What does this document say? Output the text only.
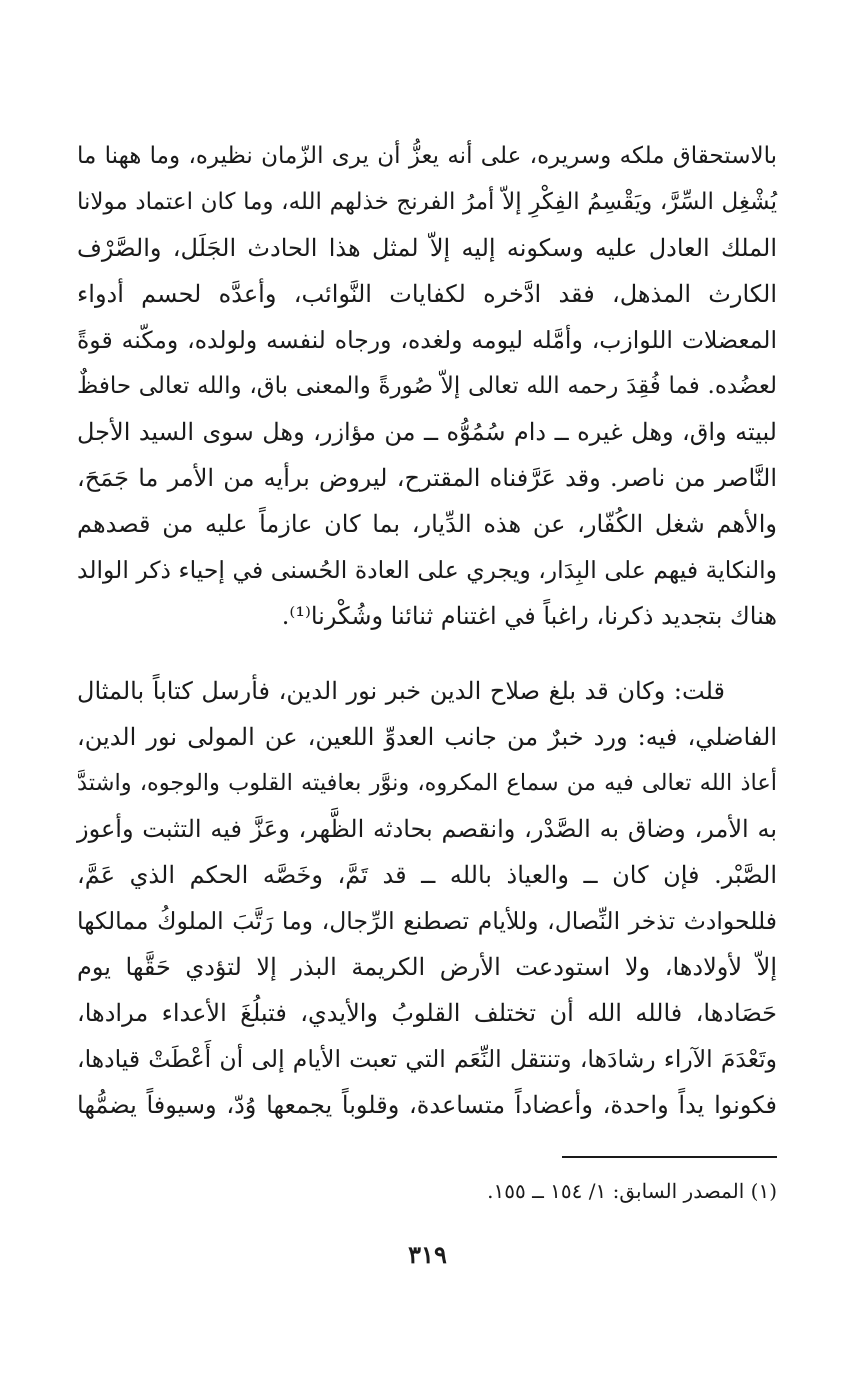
بالاستحقاق ملكه وسريره، على أنه يعزُّ أن يرى الزّمان نظيره، وما ههنا ما
يُشْغِل السِّرَّ، ويَقْسِمُ الفِكْرِ إلاّ أمرُ الفرنج خذلهم الله، وما كان اعتماد مولانا
الملك العادل عليه وسكونه إليه إلاّ لمثل هذا الحادث الجَلَل، والصَّرْف
الكارث المذهل، فقد ادَّخره لكفايات النَّوائب، وأعدَّه لحسم أدواء
المعضلات اللوازب، وأمَّله ليومه ولغده، ورجاه لنفسه ولولده، ومكّنه قوةً
لعضُده. فما فُقِدَ رحمه الله تعالى إلاّ صُورةً والمعنى باق، والله تعالى حافظٌ
لبيته واق، وهل غيره ــ دام سُمُوُّه ــ من مؤازر، وهل سوى السيد الأجل
النَّاصر من ناصر. وقد عَرَّفناه المقترح، ليروض برأيه من الأمر ما جَمَحَ،
والأهم شغل الكُفّار، عن هذه الدِّيار، بما كان عازماً عليه من قصدهم
والنكاية فيهم على البِدَار، ويجري على العادة الحُسنى في إحياء ذكر الوالد
هناك بتجديد ذكرنا، راغباً في اغتنام ثنائنا وشُكْرنا⁽¹⁾.
قلت: وكان قد بلغ صلاح الدين خبر نور الدين، فأرسل كتاباً بالمثال
الفاضلي، فيه: ورد خبرٌ من جانب العدوِّ اللعين، عن المولى نور الدين،
أعاذ الله تعالى فيه من سماع المكروه، ونوَّر بعافيته القلوب والوجوه، واشتدَّ
به الأمر، وضاق به الصَّدْر، وانقصم بحادثه الظَّهر، وعَزَّ فيه التثبت وأعوز
الصَّبْر. فإن كان ــ والعياذ بالله ــ قد تَمَّ، وخَصَّه الحكم الذي عَمَّ،
فللحوادث تذخر النِّصال، وللأيام تصطنع الرِّجال، وما رَتَّبَ الملوكُ ممالكها
إلاّ لأولادها، ولا استودعت الأرض الكريمة البذر إلا لتؤدي حَقَّها يوم
حَصَادها، فالله الله أن تختلف القلوبُ والأيدي، فتبلُغَ الأعداء مرادها،
وتَعْدَمَ الآراء رشادَها، وتنتقل النِّعَم التي تعبت الأيام إلى أن أَعْطَتْ قيادها،
فكونوا يداً واحدة، وأعضاداً متساعدة، وقلوباً يجمعها وُدّ، وسيوفاً يضمُّها
(١) المصدر السابق: ١/ ١٥٤ ــ ١٥٥.
٣١٩
